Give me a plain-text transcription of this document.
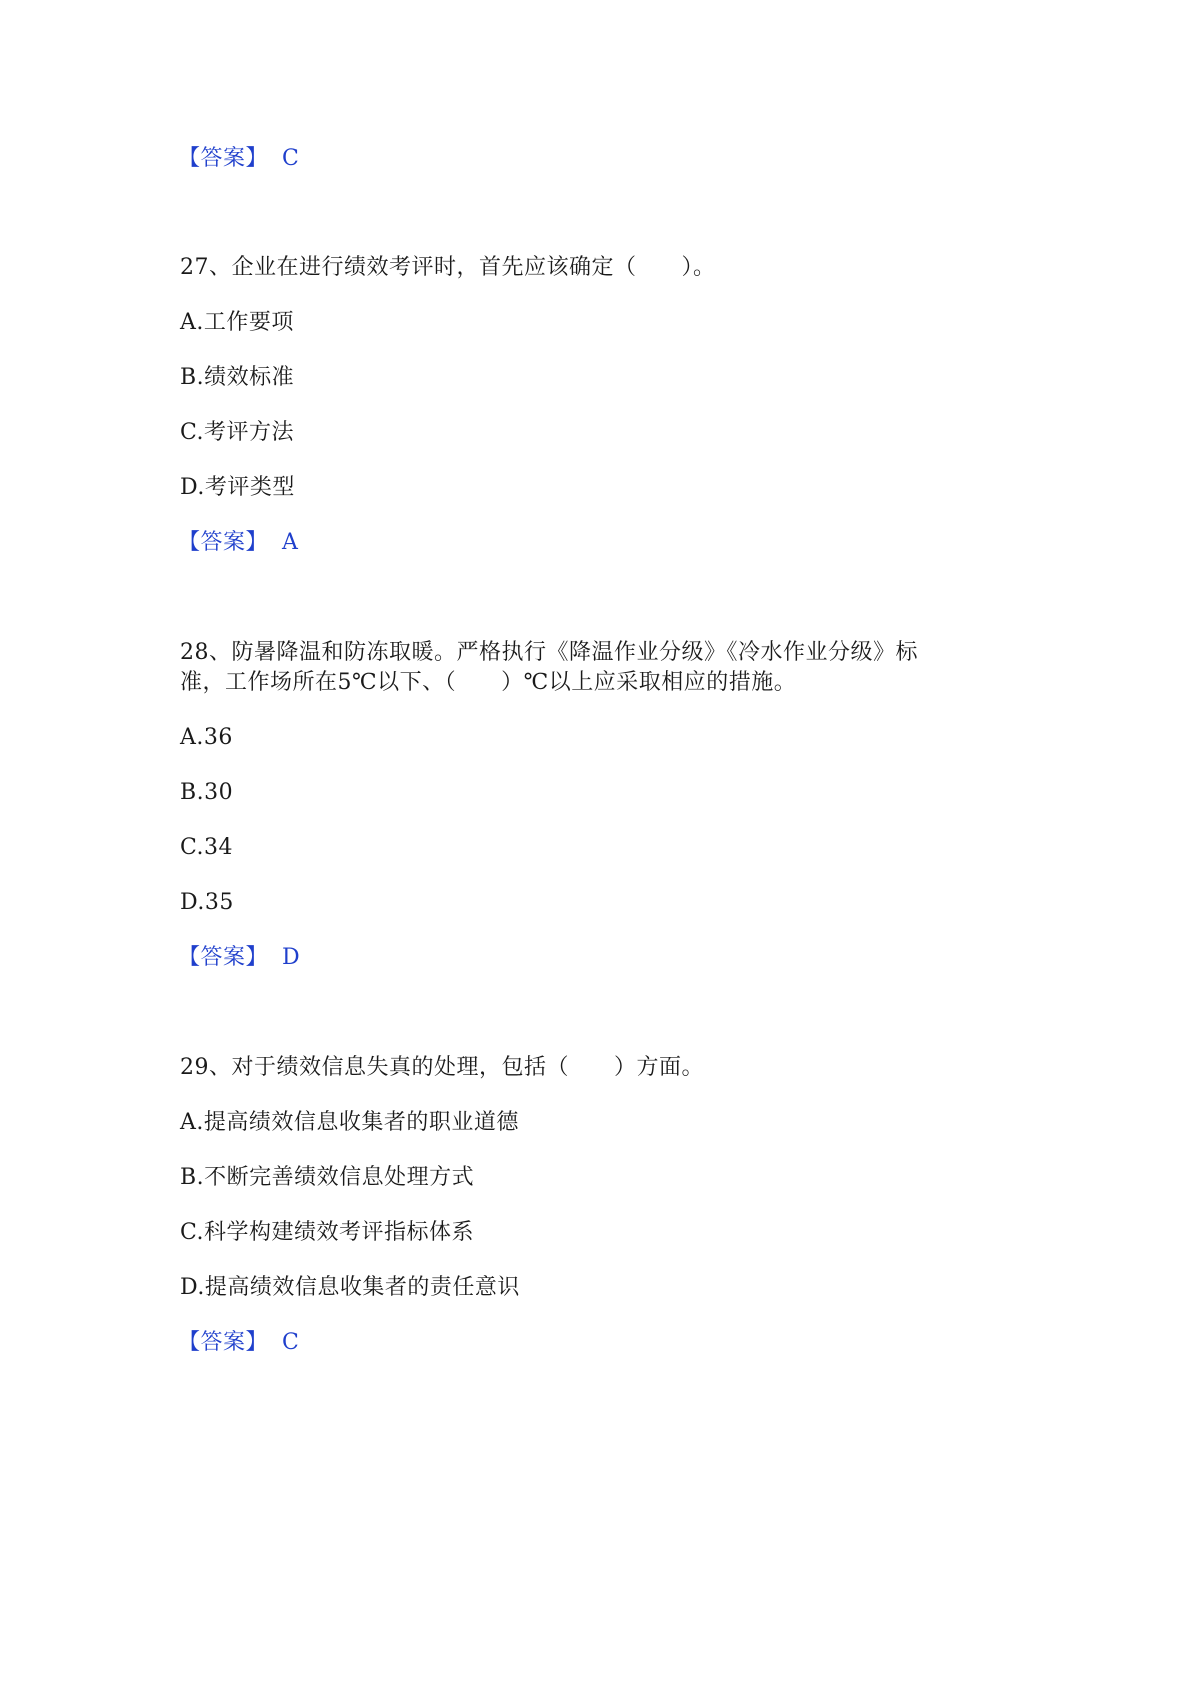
【答案】 C
27、企业在进行绩效考评时，首先应该确定（　　）。
A.工作要项
B.绩效标准
C.考评方法
D.考评类型
【答案】 A
28、防暑降温和防冻取暖。严格执行《降温作业分级》《冷水作业分级》标
准，工作场所在5℃以下、（　　）℃以上应采取相应的措施。
A.36
B.30
C.34
D.35
【答案】 D
29、对于绩效信息失真的处理，包括（　　）方面。
A.提高绩效信息收集者的职业道德
B.不断完善绩效信息处理方式
C.科学构建绩效考评指标体系
D.提高绩效信息收集者的责任意识
【答案】 C
